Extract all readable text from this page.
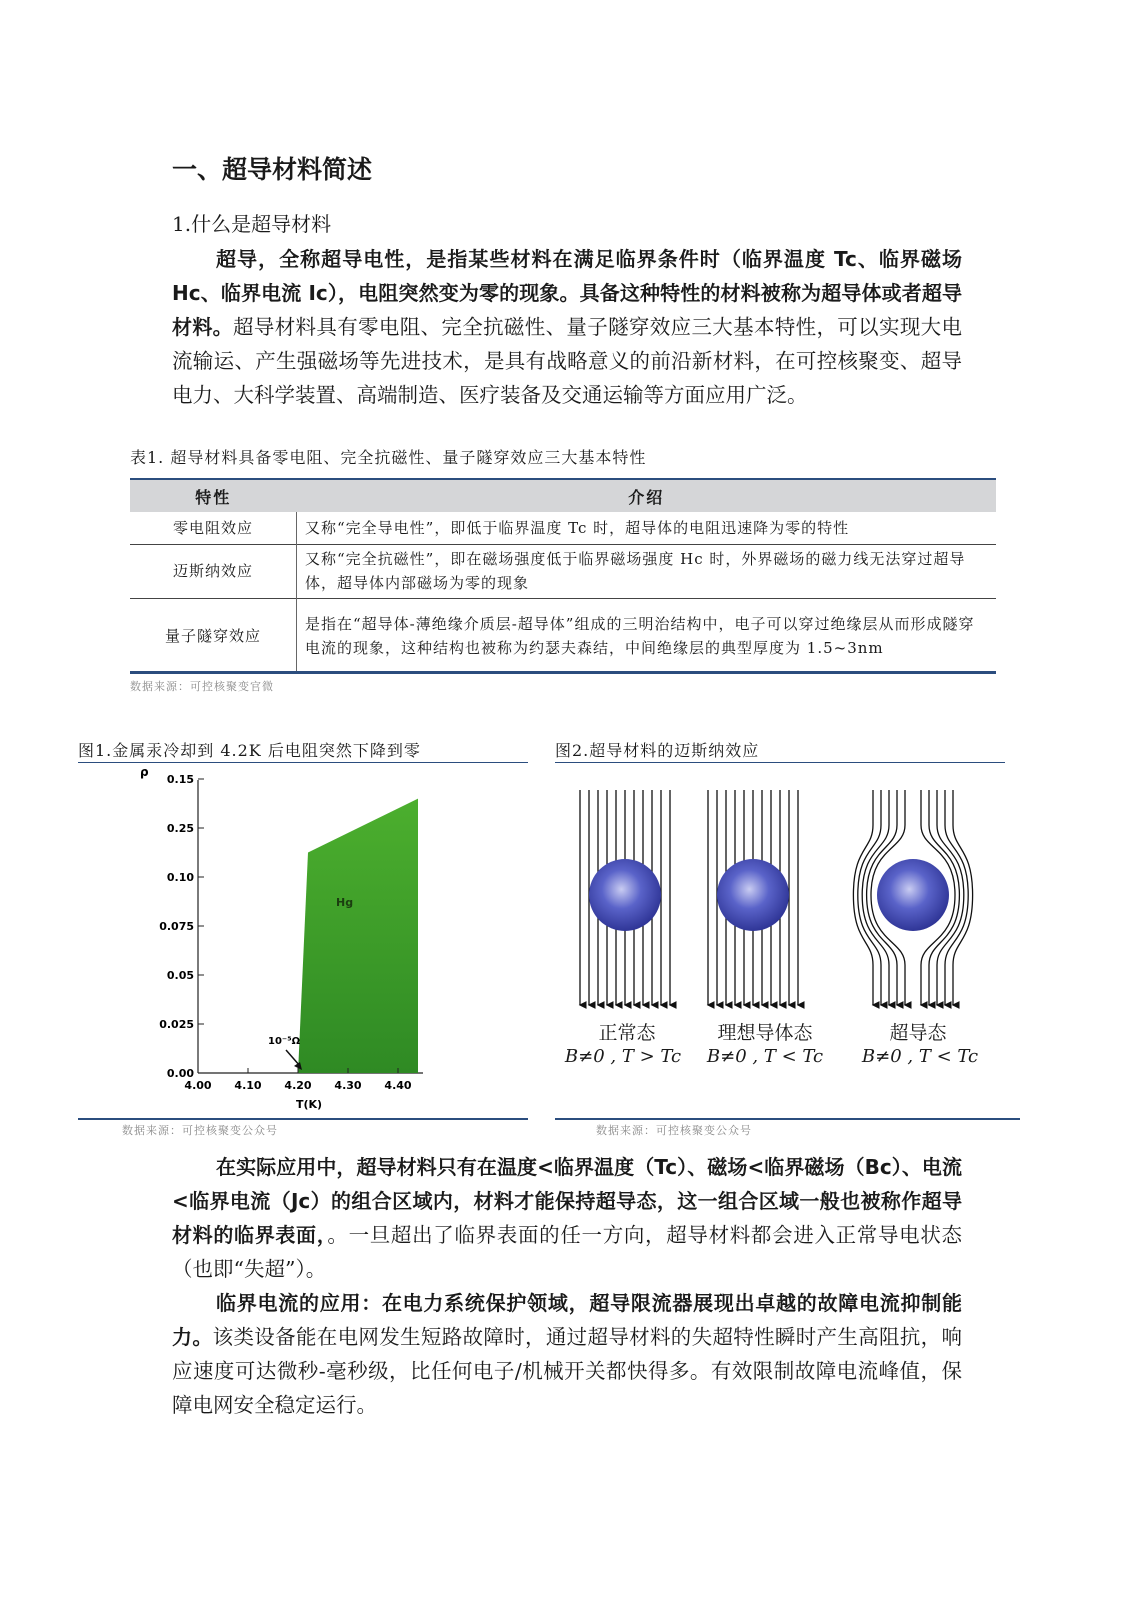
一、超导材料简述
1.什么是超导材料
超导，全称超导电性，是指某些材料在满足临界条件时（临界温度 Tc、临界磁场 Hc、临界电流 Ic），电阻突然变为零的现象。具备这种特性的材料被称为超导体或者超导材料。超导材料具有零电阻、完全抗磁性、量子隧穿效应三大基本特性，可以实现大电流输运、产生强磁场等先进技术，是具有战略意义的前沿新材料，在可控核聚变、超导电力、大科学装置、高端制造、医疗装备及交通运输等方面应用广泛。
表1. 超导材料具备零电阻、完全抗磁性、量子隧穿效应三大基本特性
特性	介绍
零电阻效应	又称“完全导电性”，即低于临界温度 Tc 时，超导体的电阻迅速降为零的特性
迈斯纳效应	又称“完全抗磁性”，即在磁场强度低于临界磁场强度 Hc 时，外界磁场的磁力线无法穿过超导体，超导体内部磁场为零的现象
量子隧穿效应	是指在“超导体-薄绝缘介质层-超导体”组成的三明治结构中，电子可以穿过绝缘层从而形成隧穿电流的现象，这种结构也被称为约瑟夫森结，中间绝缘层的典型厚度为 1.5~3nm
数据来源：可控核聚变官微
图1.金属汞冷却到 4.2K 后电阻突然下降到零
0.00
0.025
0.05
0.075
0.10
0.25
0.15
4.00 4.10 4.20 4.30 4.40
ρ
T(K)
Hg
10⁻⁵Ω
数据来源：可控核聚变公众号
图2.超导材料的迈斯纳效应
正常态
B≠0 , T > Tc
理想导体态
B≠0 , T < Tc
超导态
B≠0 , T < Tc
数据来源：可控核聚变公众号
在实际应用中，超导材料只有在温度<临界温度（Tc）、磁场<临界磁场（Bc）、电流<临界电流（Jc）的组合区域内，材料才能保持超导态，这一组合区域一般也被称作超导材料的临界表面，。一旦超出了临界表面的任一方向，超导材料都会进入正常导电状态（也即“失超”）。
临界电流的应用：在电力系统保护领域，超导限流器展现出卓越的故障电流抑制能力。该类设备能在电网发生短路故障时，通过超导材料的失超特性瞬时产生高阻抗，响应速度可达微秒-毫秒级，比任何电子/机械开关都快得多。有效限制故障电流峰值，保障电网安全稳定运行。
